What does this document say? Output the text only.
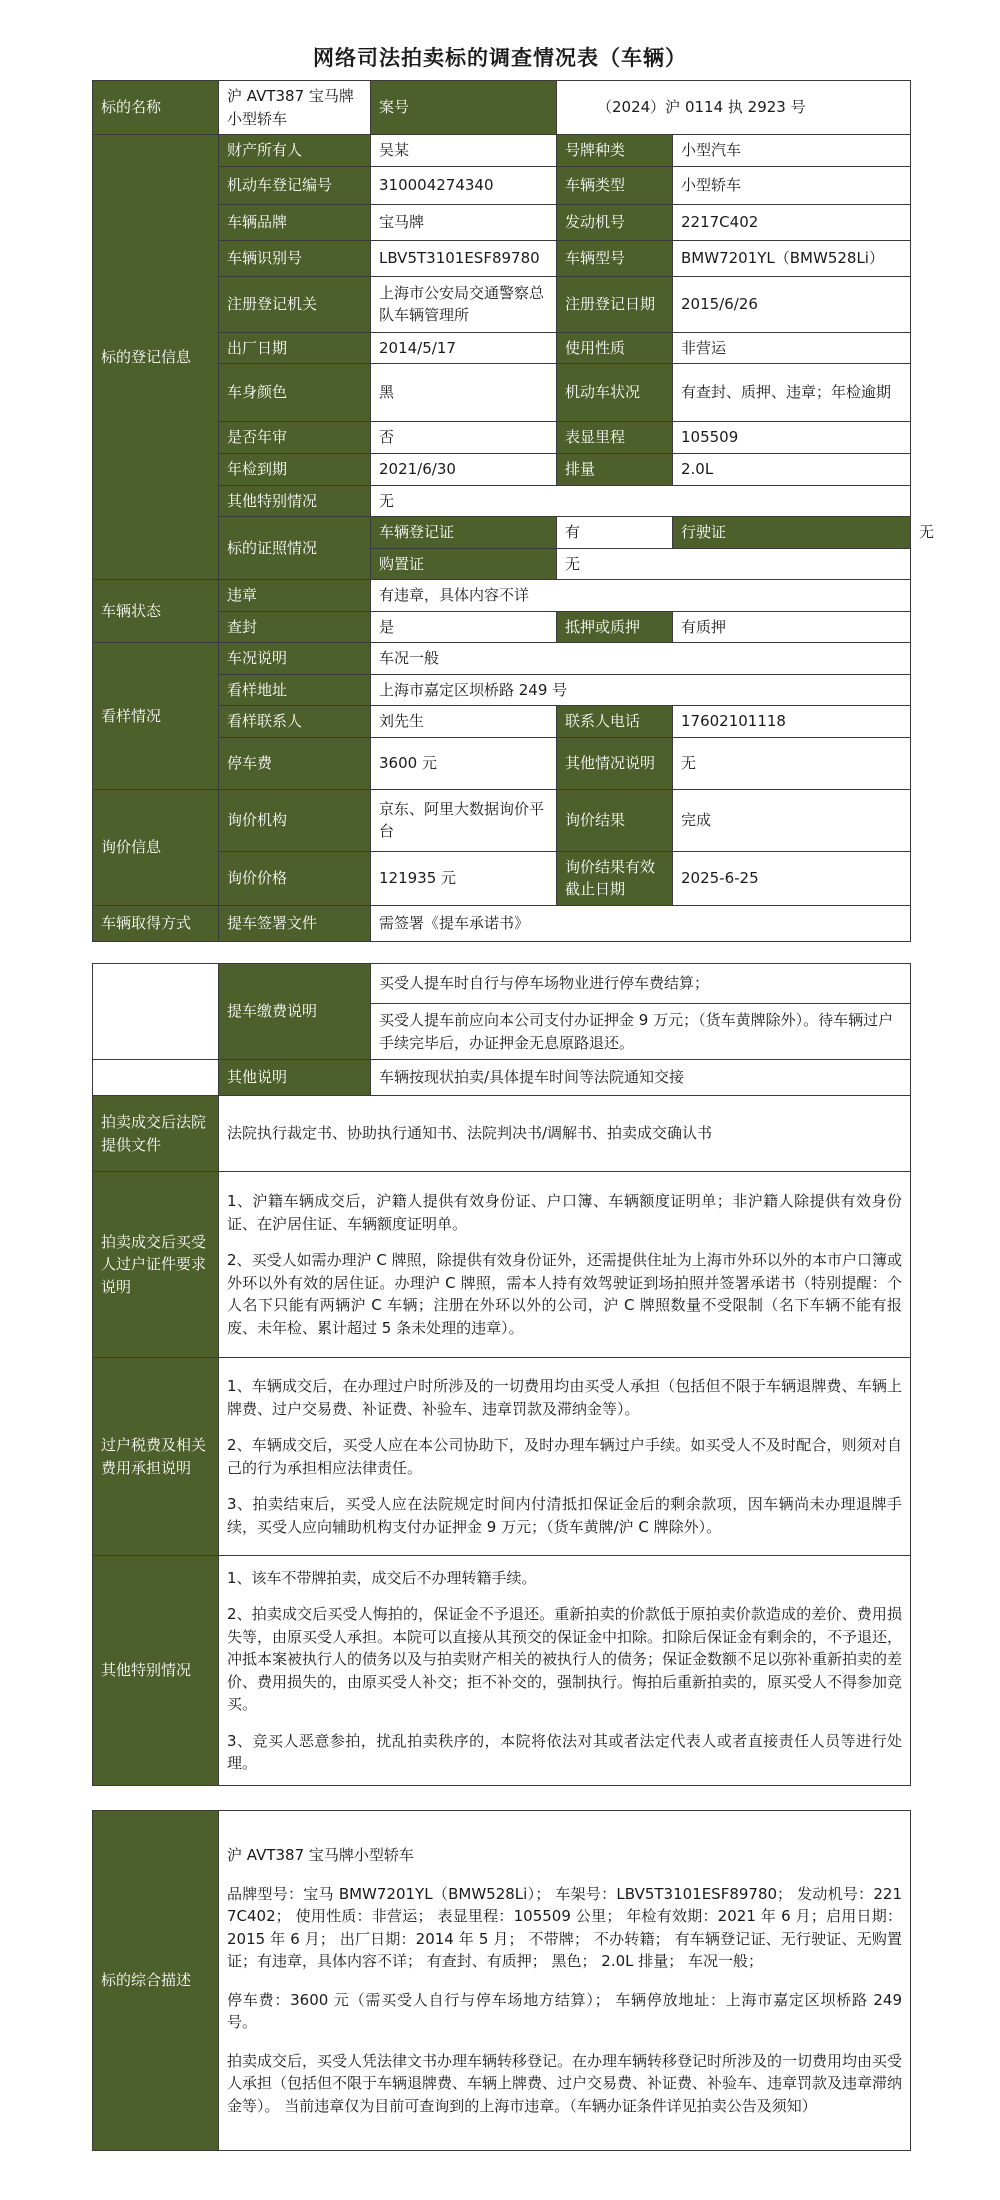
网络司法拍卖标的调查情况表（车辆）
标的名称	沪 AVT387 宝马牌小型轿车	案号	（2024）沪 0114 执 2923 号		
标的登记信息	财产所有人	吴某	号牌种类	小型汽车	
	机动车登记编号	310004274340	车辆类型	小型轿车	
	车辆品牌	宝马牌	发动机号	2217C402	
	车辆识别号	LBV5T3101ESF89780	车辆型号	BMW7201YL（BMW528Li）	
	注册登记机关	上海市公安局交通警察总队车辆管理所	注册登记日期	2015/6/26	
	出厂日期	2014/5/17	使用性质	非营运	
	车身颜色	黑	机动车状况	有查封、质押、违章；年检逾期	
	是否年审	否	表显里程	105509	
	年检到期	2021/6/30	排量	2.0L	
	其他特别情况	无			
	标的证照情况	车辆登记证	有	行驶证	无
		购置证	无		
车辆状态	违章	有违章，具体内容不详			
	查封	是	抵押或质押	有质押	
看样情况	车况说明	车况一般			
	看样地址	上海市嘉定区坝桥路 249 号			
	看样联系人	刘先生	联系人电话	17602101118	
	停车费	3600 元	其他情况说明	无	
询价信息	询价机构	京东、阿里大数据询价平台	询价结果	完成	
	询价价格	121935 元	询价结果有效截止日期	2025-6-25	
车辆取得方式	提车签署文件	需签署《提车承诺书》			
	提车缴费说明	买受人提车时自行与停车场物业进行停车费结算；
		买受人提车前应向本公司支付办证押金 9 万元；（货车黄牌除外）。待车辆过户手续完毕后，办证押金无息原路退还。
	其他说明	车辆按现状拍卖/具体提车时间等法院通知交接
拍卖成交后法院提供文件	法院执行裁定书、协助执行通知书、法院判决书/调解书、拍卖成交确认书	
拍卖成交后买受人过户证件要求说明	1、沪籍车辆成交后，沪籍人提供有效身份证、户口簿、车辆额度证明单；非沪籍人除提供有效身份证、在沪居住证、车辆额度证明单。

2、买受人如需办理沪 C 牌照，除提供有效身份证外，还需提供住址为上海市外环以外的本市户口簿或外环以外有效的居住证。办理沪 C 牌照，需本人持有效驾驶证到场拍照并签署承诺书（特别提醒：个人名下只能有两辆沪 C 车辆；注册在外环以外的公司，沪 C 牌照数量不受限制（名下车辆不能有报废、未年检、累计超过 5 条未处理的违章）。	

过户税费及相关费用承担说明	1、车辆成交后，在办理过户时所涉及的一切费用均由买受人承担（包括但不限于车辆退牌费、车辆上牌费、过户交易费、补证费、补验车、违章罚款及滞纳金等）。

2、车辆成交后，买受人应在本公司协助下，及时办理车辆过户手续。如买受人不及时配合，则须对自己的行为承担相应法律责任。

3、拍卖结束后，买受人应在法院规定时间内付清抵扣保证金后的剩余款项，因车辆尚未办理退牌手续，买受人应向辅助机构支付办证押金 9 万元；（货车黄牌/沪 C 牌除外）。	

其他特别情况	1、该车不带牌拍卖，成交后不办理转籍手续。

2、拍卖成交后买受人悔拍的，保证金不予退还。重新拍卖的价款低于原拍卖价款造成的差价、费用损失等，由原买受人承担。本院可以直接从其预交的保证金中扣除。扣除后保证金有剩余的，不予退还，冲抵本案被执行人的债务以及与拍卖财产相关的被执行人的债务；保证金数额不足以弥补重新拍卖的差价、费用损失的，由原买受人补交；拒不补交的，强制执行。悔拍后重新拍卖的，原买受人不得参加竞买。

3、竞买人恶意参拍，扰乱拍卖秩序的，本院将依法对其或者法定代表人或者直接责任人员等进行处理。	

标的综合描述	

沪 AVT387 宝马牌小型轿车

品牌型号：宝马 BMW7201YL（BMW528Li）； 车架号：LBV5T3101ESF89780； 发动机号：2217C402； 使用性质：非营运； 表显里程：105509 公里； 年检有效期：2021 年 6 月；启用日期：2015 年 6 月； 出厂日期：2014 年 5 月； 不带牌； 不办转籍； 有车辆登记证、无行驶证、无购置证；有违章，具体内容不详； 有查封、有质押； 黑色； 2.0L 排量； 车况一般；

停车费：3600 元（需买受人自行与停车场地方结算）； 车辆停放地址：上海市嘉定区坝桥路 249 号。

拍卖成交后，买受人凭法律文书办理车辆转移登记。在办理车辆转移登记时所涉及的一切费用均由买受人承担（包括但不限于车辆退牌费、车辆上牌费、过户交易费、补证费、补验车、违章罚款及违章滞纳金等）。 当前违章仅为目前可查询到的上海市违章。（车辆办证条件详见拍卖公告及须知）
